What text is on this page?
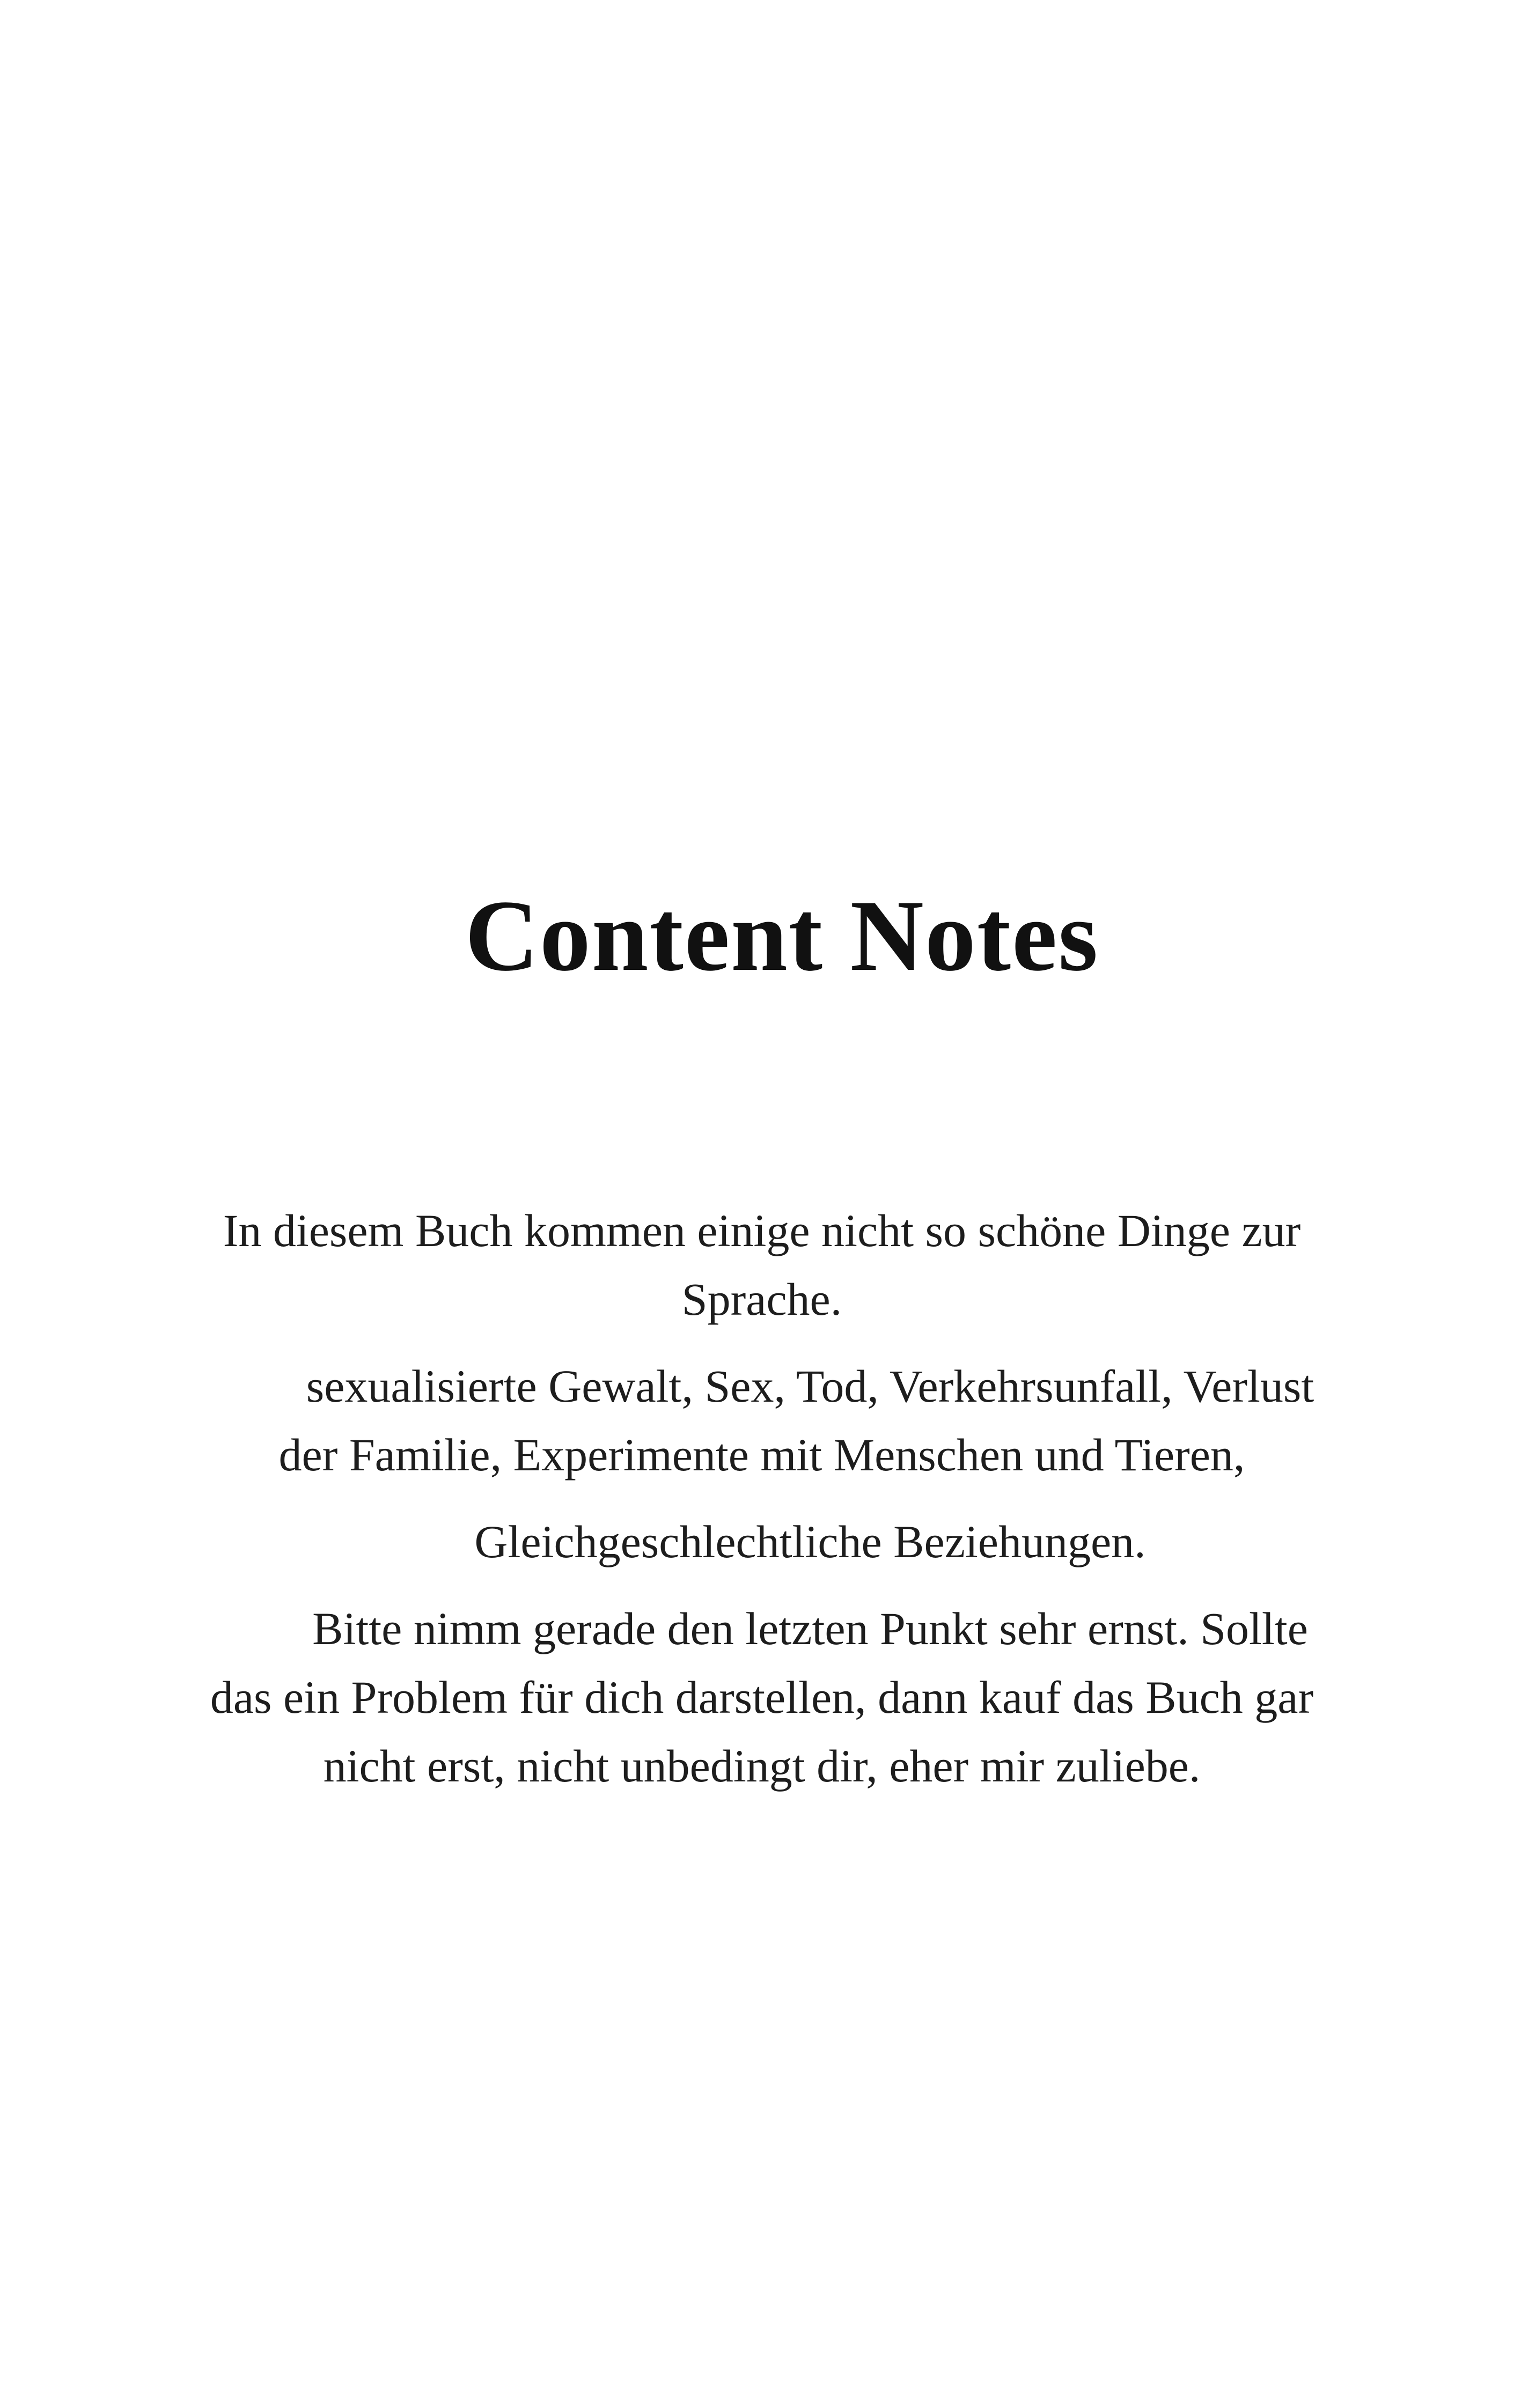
Content Notes

In diesem Buch kommen einige nicht so schöne Dinge zur Sprache.

sexualisierte Gewalt, Sex, Tod, Verkehrsunfall, Verlust der Familie, Experimente mit Menschen und Tieren,

Gleichgeschlechtliche Beziehungen.

Bitte nimm gerade den letzten Punkt sehr ernst. Sollte das ein Problem für dich darstellen, dann kauf das Buch gar nicht erst, nicht unbedingt dir, eher mir zuliebe.
